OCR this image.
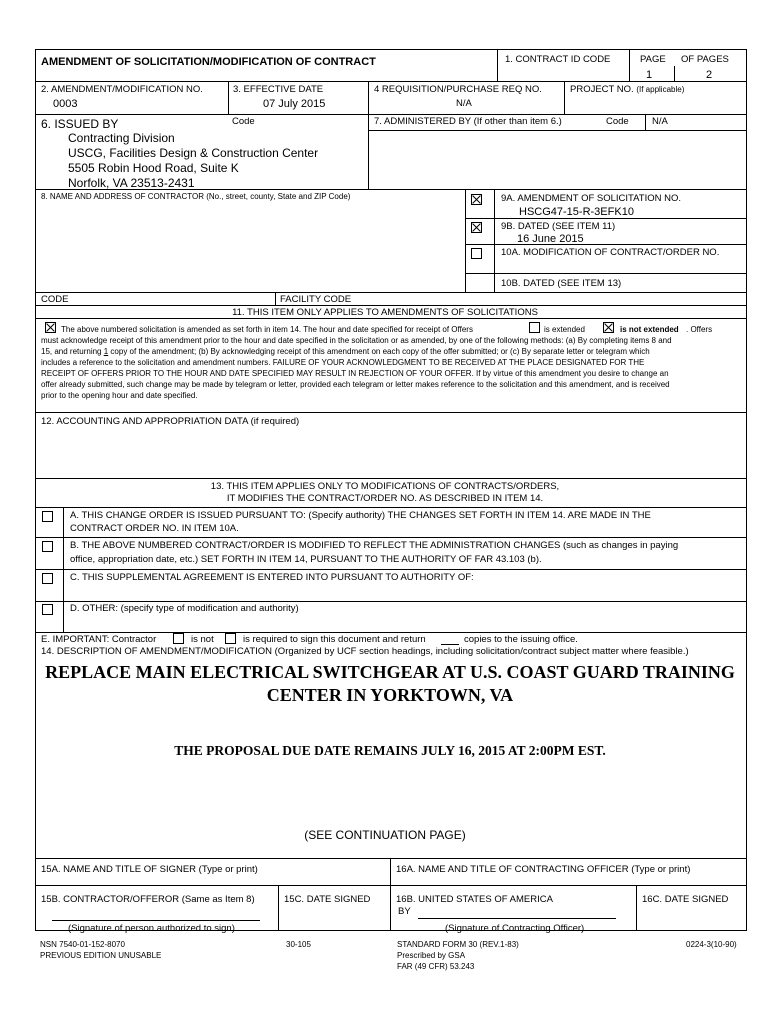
AMENDMENT OF SOLICITATION/MODIFICATION OF CONTRACT	1. CONTRACT ID CODE	PAGE OF PAGES
1	2
2. AMENDMENT/MODIFICATION NO.
0003
3. EFFECTIVE DATE
07 July 2015
4 REQUISITION/PURCHASE REQ NO.
N/A
PROJECT NO. (If applicable)
6. ISSUED BY	Code
Contracting Division
USCG, Facilities Design & Construction Center
5505 Robin Hood Road, Suite K
Norfolk, VA 23513-2431
7. ADMINISTERED BY (If other than item 6.)	Code N/A
8. NAME AND ADDRESS OF CONTRACTOR (No., street, county, State and ZIP Code)	9A. AMENDMENT OF SOLICITATION NO.
HSCG47-15-R-3EFK10
9B. DATED (SEE ITEM 11)
16 June 2015
10A. MODIFICATION OF CONTRACT/ORDER NO.
10B. DATED (SEE ITEM 13)
CODE	FACILITY CODE
11. THIS ITEM ONLY APPLIES TO AMENDMENTS OF SOLICITATIONS
The above numbered solicitation is amended as set forth in item 14. The hour and date specified for receipt of Offers	is extended	is not extended . Offers
must acknowledge receipt of this amendment prior to the hour and date specified in the solicitation or as amended, by one of the following methods: (a) By completing items 8 and
15, and returning 1 copy of the amendment; (b) By acknowledging receipt of this amendment on each copy of the offer submitted; or (c) By separate letter or telegram which
includes a reference to the solicitation and amendment numbers. FAILURE OF YOUR ACKNOWLEDGMENT TO BE RECEIVED AT THE PLACE DESIGNATED FOR THE
RECEIPT OF OFFERS PRIOR TO THE HOUR AND DATE SPECIFIED MAY RESULT IN REJECTION OF YOUR OFFER. If by virtue of this amendment you desire to change an
offer already submitted, such change may be made by telegram or letter, provided each telegram or letter makes reference to the solicitation and this amendment, and is received
prior to the opening hour and date specified.
12. ACCOUNTING AND APPROPRIATION DATA (if required)
13. THIS ITEM APPLIES ONLY TO MODIFICATIONS OF CONTRACTS/ORDERS,
IT MODIFIES THE CONTRACT/ORDER NO. AS DESCRIBED IN ITEM 14.
A. THIS CHANGE ORDER IS ISSUED PURSUANT TO: (Specify authority) THE CHANGES SET FORTH IN ITEM 14. ARE MADE IN THE
CONTRACT ORDER NO. IN ITEM 10A.
B. THE ABOVE NUMBERED CONTRACT/ORDER IS MODIFIED TO REFLECT THE ADMINISTRATION CHANGES (such as changes in paying
office, appropriation date, etc.) SET FORTH IN ITEM 14, PURSUANT TO THE AUTHORITY OF FAR 43.103 (b).
C. THIS SUPPLEMENTAL AGREEMENT IS ENTERED INTO PURSUANT TO AUTHORITY OF:
D. OTHER: (specify type of modification and authority)
E. IMPORTANT: Contractor	is not	is required to sign this document and return	copies to the issuing office.
14. DESCRIPTION OF AMENDMENT/MODIFICATION (Organized by UCF section headings, including solicitation/contract subject matter where feasible.)
REPLACE MAIN ELECTRICAL SWITCHGEAR AT U.S. COAST GUARD TRAINING
CENTER IN YORKTOWN, VA
THE PROPOSAL DUE DATE REMAINS JULY 16, 2015 AT 2:00PM EST.
(SEE CONTINUATION PAGE)
15A. NAME AND TITLE OF SIGNER (Type or print)	16A. NAME AND TITLE OF CONTRACTING OFFICER (Type or print)
15B. CONTRACTOR/OFFEROR (Same as Item 8)	15C. DATE SIGNED	16B. UNITED STATES OF AMERICA
BY
16C. DATE SIGNED
(Signature of person authorized to sign)	(Signature of Contracting Officer)
NSN 7540-01-152-8070
PREVIOUS EDITION UNUSABLE
30-105	STANDARD FORM 30 (REV.1-83)
Prescribed by GSA
FAR (49 CFR) 53.243
0224-3(10-90)
